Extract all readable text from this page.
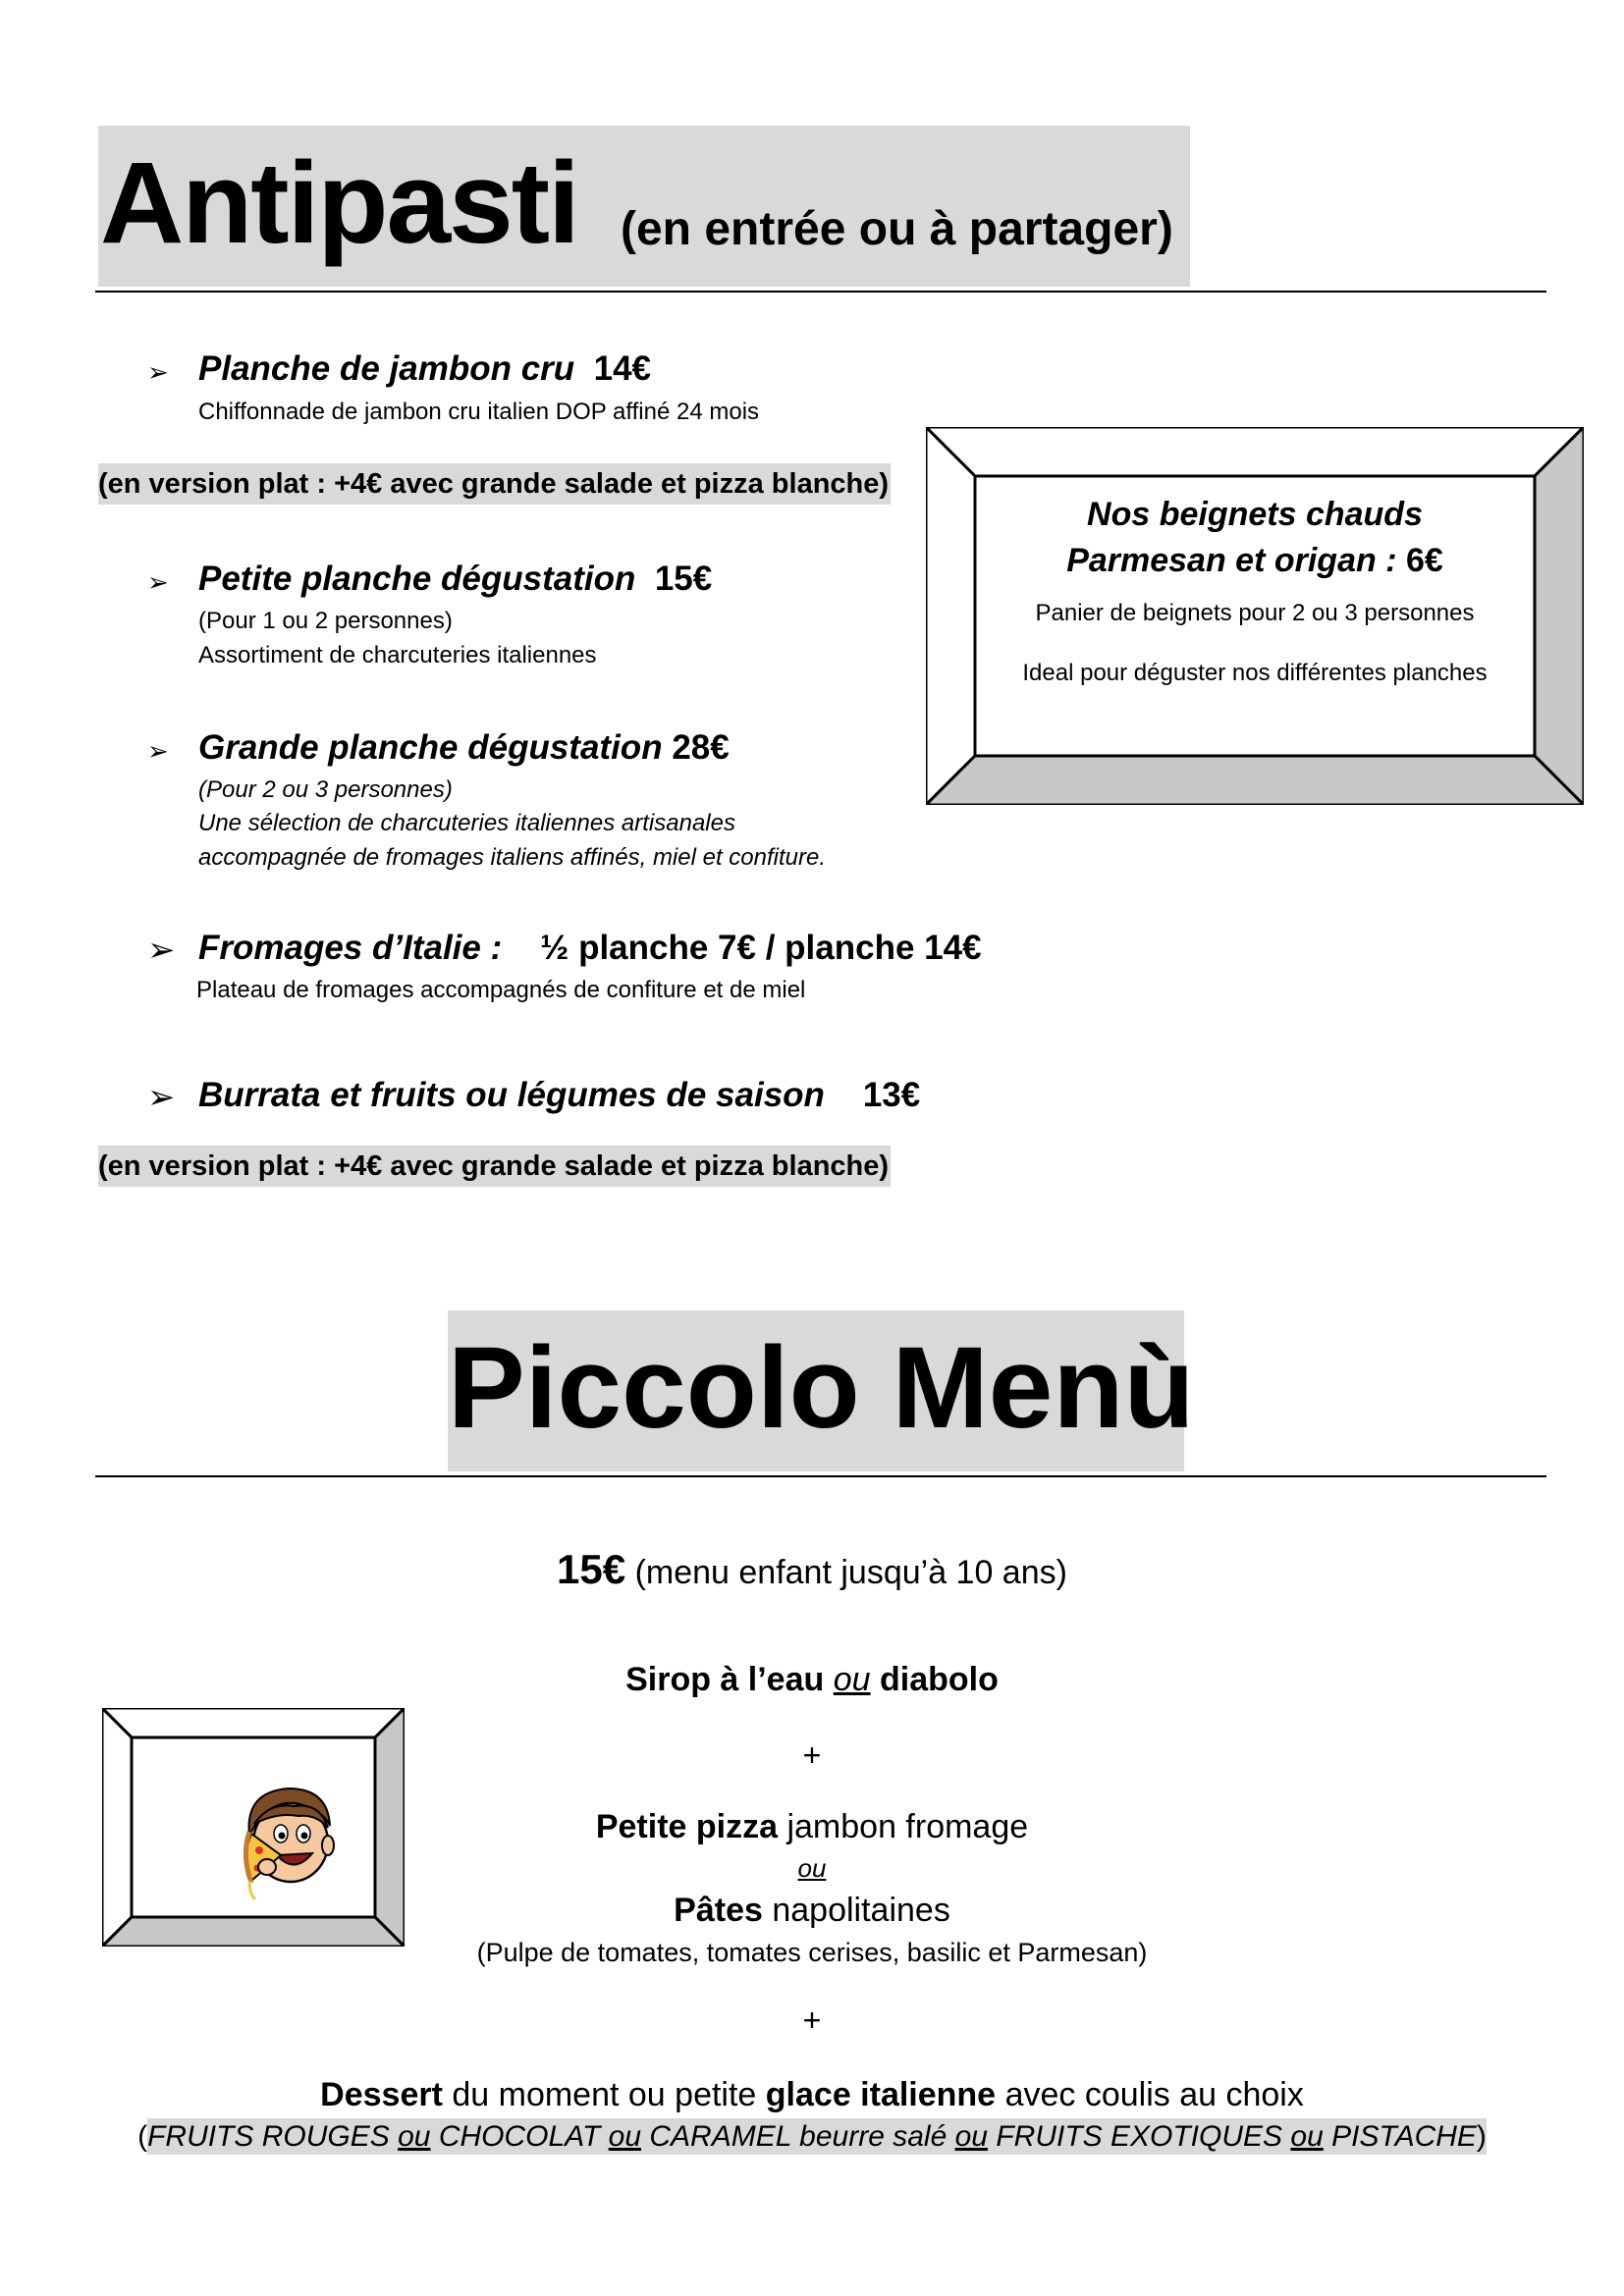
Antipasti (en entrée ou à partager)
➢ Planche de jambon cru 14€
Chiffonnade de jambon cru italien DOP affiné 24 mois
(en version plat : +4€ avec grande salade et pizza blanche)
➢ Petite planche dégustation 15€
(Pour 1 ou 2 personnes)
Assortiment de charcuteries italiennes
➢ Grande planche dégustation 28€
(Pour 2 ou 3 personnes)
Une sélection de charcuteries italiennes artisanales
accompagnée de fromages italiens affinés, miel et confiture.
➢ Fromages d’Italie : ½ planche 7€ / planche 14€
Plateau de fromages accompagnés de confiture et de miel
➢ Burrata et fruits ou légumes de saison 13€
(en version plat : +4€ avec grande salade et pizza blanche)
Nos beignets chauds
Parmesan et origan : 6€
Panier de beignets pour 2 ou 3 personnes
Ideal pour déguster nos différentes planches
Piccolo Menù
15€ (menu enfant jusqu’à 10 ans)
Sirop à l’eau ou diabolo
+
Petite pizza jambon fromage
ou
Pâtes napolitaines
(Pulpe de tomates, tomates cerises, basilic et Parmesan)
+
Dessert du moment ou petite glace italienne avec coulis au choix
(FRUITS ROUGES ou CHOCOLAT ou CARAMEL beurre salé ou FRUITS EXOTIQUES ou PISTACHE)
